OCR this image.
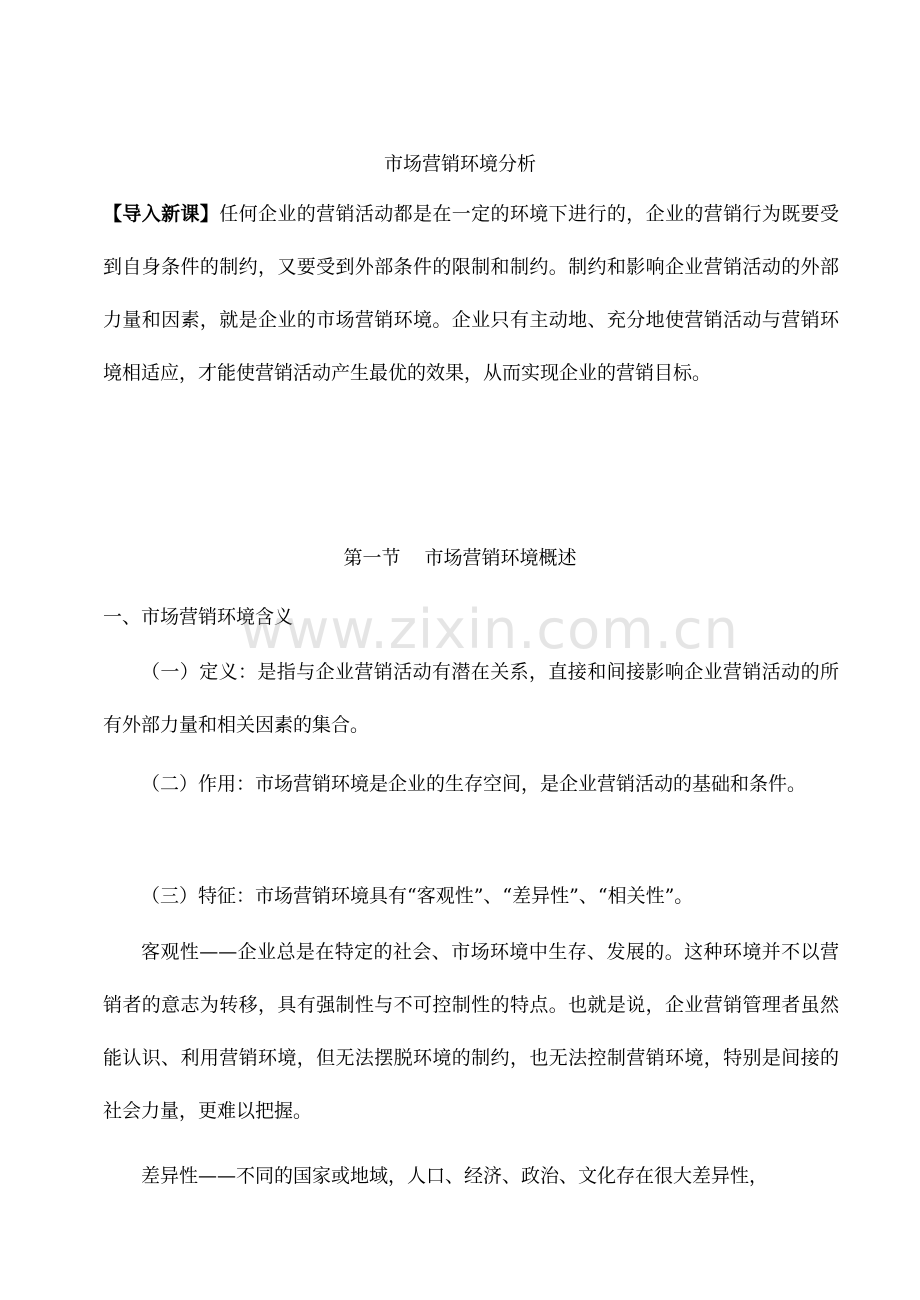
市场营销环境分析

【导入新课】任何企业的营销活动都是在一定的环境下进行的，企业的营销行为既要受到自身条件的制约，又要受到外部条件的限制和制约。制约和影响企业营销活动的外部力量和因素，就是企业的市场营销环境。企业只有主动地、充分地使营销活动与营销环境相适应，才能使营销活动产生最优的效果，从而实现企业的营销目标。

第一节 市场营销环境概述
一、市场营销环境含义

（一）定义：是指与企业营销活动有潜在关系，直接和间接影响企业营销活动的所有外部力量和相关因素的集合。

（二）作用：市场营销环境是企业的生存空间，是企业营销活动的基础和条件。

（三）特征：市场营销环境具有“客观性”、“差异性”、“相关性”。

客观性——企业总是在特定的社会、市场环境中生存、发展的。这种环境并不以营销者的意志为转移，具有强制性与不可控制性的特点。也就是说，企业营销管理者虽然能认识、利用营销环境，但无法摆脱环境的制约，也无法控制营销环境，特别是间接的社会力量，更难以把握。

差异性——不同的国家或地域，人口、经济、政治、文化存在很大差异性，

www.zixin.com.cn
